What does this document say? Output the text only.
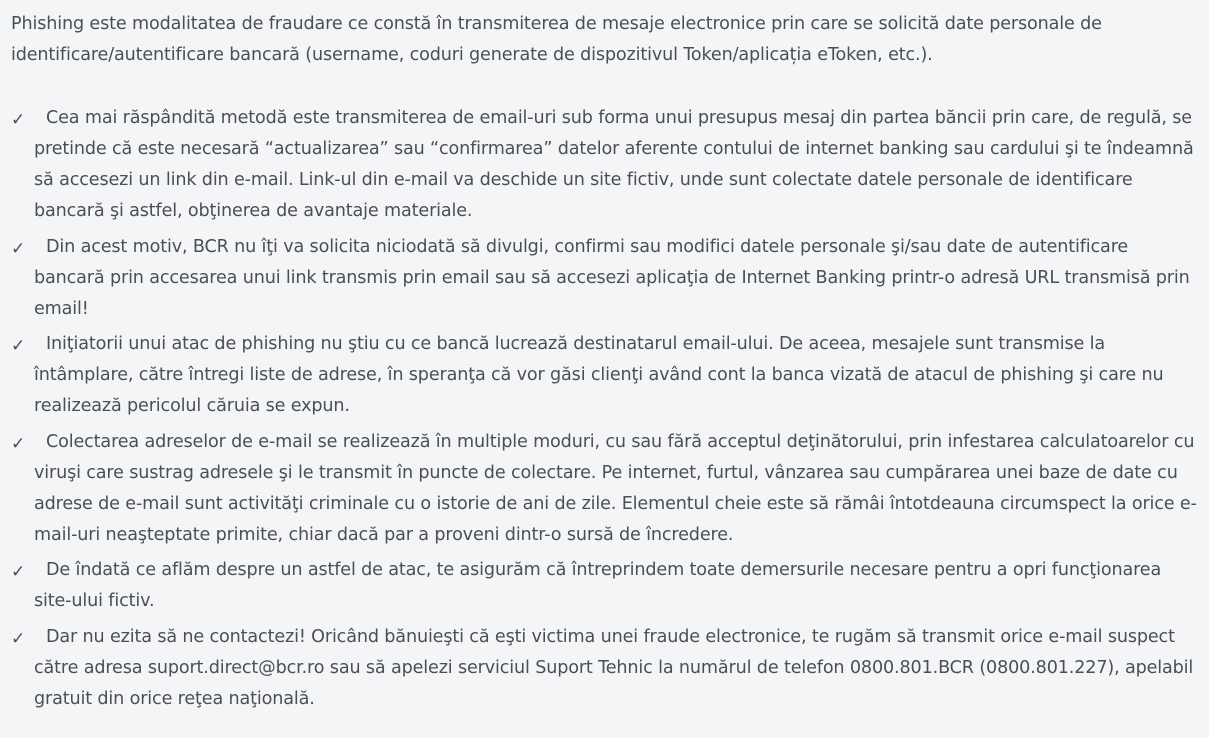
Phishing este modalitatea de fraudare ce constă în transmiterea de mesaje electronice prin care se solicită date personale de identificare/autentificare bancară (username, coduri generate de dispozitivul Token/aplicația eToken, etc.).

✓	Cea mai răspândită metodă este transmiterea de email-uri sub forma unui presupus mesaj din partea băncii prin care, de regulă, se pretinde că este necesară “actualizarea” sau “confirmarea” datelor aferente contului de internet banking sau cardului şi te îndeamnă să accesezi un link din e-mail. Link-ul din e-mail va deschide un site fictiv, unde sunt colectate datele personale de identificare bancară şi astfel, obţinerea de avantaje materiale.
✓	Din acest motiv, BCR nu îţi va solicita niciodată să divulgi, confirmi sau modifici datele personale şi/sau date de autentificare bancară prin accesarea unui link transmis prin email sau să accesezi aplicaţia de Internet Banking printr-o adresă URL transmisă prin email!
✓	Iniţiatorii unui atac de phishing nu ştiu cu ce bancă lucrează destinatarul email-ului. De aceea, mesajele sunt transmise la întâmplare, către întregi liste de adrese, în speranţa că vor găsi clienţi având cont la banca vizată de atacul de phishing şi care nu realizează pericolul căruia se expun.
✓	Colectarea adreselor de e-mail se realizează în multiple moduri, cu sau fără acceptul deţinătorului, prin infestarea calculatoarelor cu viruşi care sustrag adresele şi le transmit în puncte de colectare. Pe internet, furtul, vânzarea sau cumpărarea unei baze de date cu adrese de e-mail sunt activităţi criminale cu o istorie de ani de zile. Elementul cheie este să rămâi întotdeauna circumspect la orice e-mail-uri neaşteptate primite, chiar dacă par a proveni dintr-o sursă de încredere.
✓	De îndată ce aflăm despre un astfel de atac, te asigurăm că întreprindem toate demersurile necesare pentru a opri funcţionarea site-ului fictiv.
✓	Dar nu ezita să ne contactezi! Oricând bănuieşti că eşti victima unei fraude electronice, te rugăm să transmit orice e-mail suspect către adresa suport.direct@bcr.ro sau să apelezi serviciul Suport Tehnic la numărul de telefon 0800.801.BCR (0800.801.227), apelabil gratuit din orice reţea naţională.
